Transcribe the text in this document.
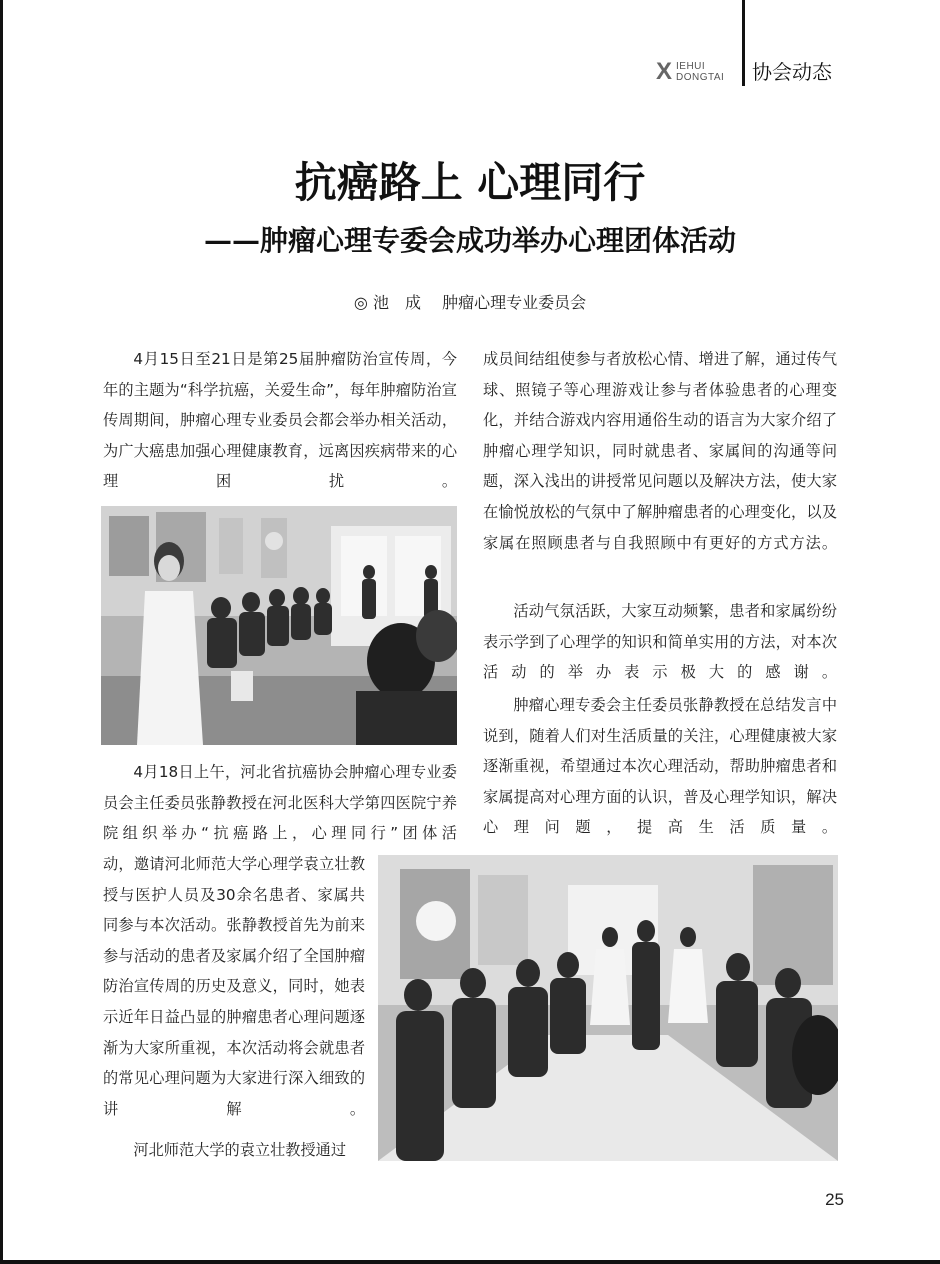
X IEHUI
DONGTAI 协会动态
抗癌路上 心理同行
——肿瘤心理专委会成功举办心理团体活动
◎ 池　成　 肿瘤心理专业委员会

4月15日至21日是第25届肿瘤防治宣传周，今年的主题为“科学抗癌，关爱生命”，每年肿瘤防治宣传周期间，肿瘤心理专业委员会都会举办相关活动，为广大癌患加强心理健康教育，远离因疾病带来的心理困扰。

4月18日上午，河北省抗癌协会肿瘤心理专业委员会主任委员张静教授在河北医科大学第四医院宁养院组织举办“抗癌路上，心理同行”团体活

动，邀请河北师范大学心理学袁立壮教授与医护人员及30余名患者、家属共同参与本次活动。张静教授首先为前来参与活动的患者及家属介绍了全国肿瘤防治宣传周的历史及意义，同时，她表示近年日益凸显的肿瘤患者心理问题逐渐为大家所重视，本次活动将会就患者的常见心理问题为大家进行深入细致的讲解。

河北师范大学的袁立壮教授通过

成员间结组使参与者放松心情、增进了解，通过传气球、照镜子等心理游戏让参与者体验患者的心理变化，并结合游戏内容用通俗生动的语言为大家介绍了肿瘤心理学知识，同时就患者、家属间的沟通等问题，深入浅出的讲授常见问题以及解决方法，使大家在愉悦放松的气氛中了解肿瘤患者的心理变化，以及家属在照顾患者与自我照顾中有更好的方式方法。

活动气氛活跃，大家互动频繁，患者和家属纷纷表示学到了心理学的知识和简单实用的方法，对本次活动的举办表示极大的感谢。

肿瘤心理专委会主任委员张静教授在总结发言中说到，随着人们对生活质量的关注，心理健康被大家逐渐重视，希望通过本次心理活动，帮助肿瘤患者和家属提高对心理方面的认识，普及心理学知识，解决心理问题，提高生活质量。

25
